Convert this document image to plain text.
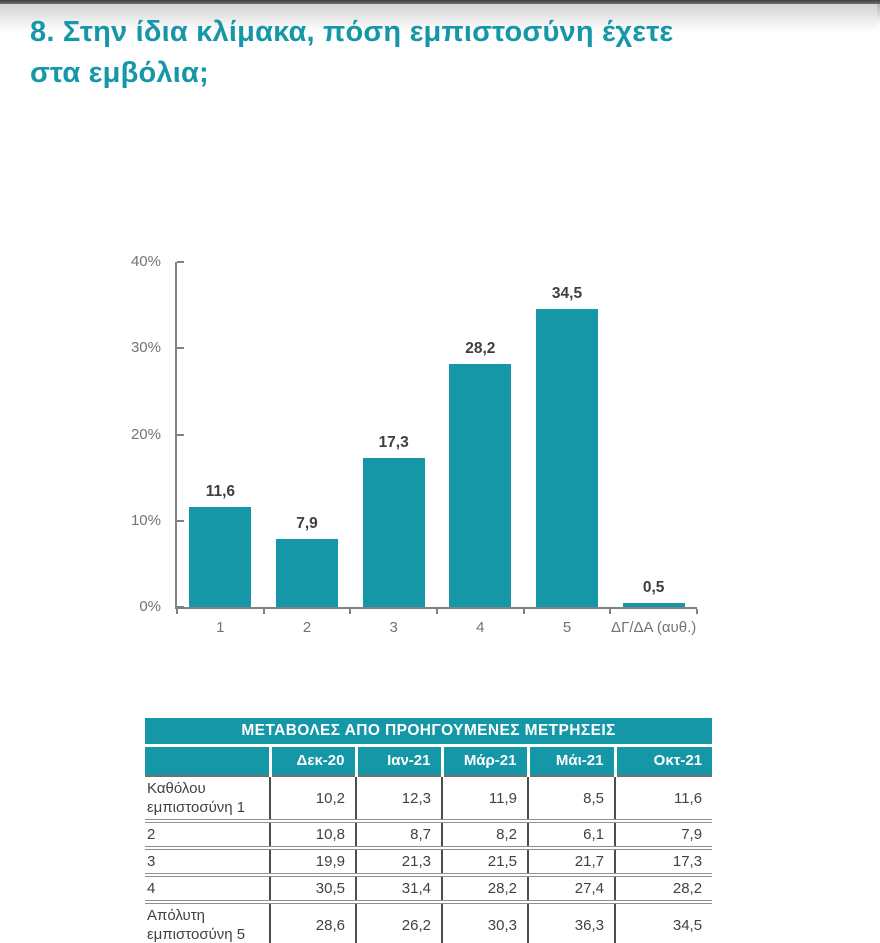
8. Στην ίδια κλίμακα, πόση εμπιστοσύνη έχετε
στα εμβόλια;
0%
10%
20%
30%
40%
11,6
1
7,9
2
17,3
3
28,2
4
34,5
5
0,5
ΔΓ/ΔΑ (αυθ.)
ΜΕΤΑΒΟΛΕΣ ΑΠΟ ΠΡΟΗΓΟΥΜΕΝΕΣ ΜΕΤΡΗΣΕΙΣ					
	Δεκ-20	Ιαν-21	Μάρ-21	Μάι-21	Οκτ-21
Καθόλου εμπιστοσύνη 1	10,2	12,3	11,9	8,5	11,6
2	10,8	8,7	8,2	6,1	7,9
3	19,9	21,3	21,5	21,7	17,3
4	30,5	31,4	28,2	27,4	28,2
Απόλυτη εμπιστοσύνη 5	28,6	26,2	30,3	36,3	34,5
